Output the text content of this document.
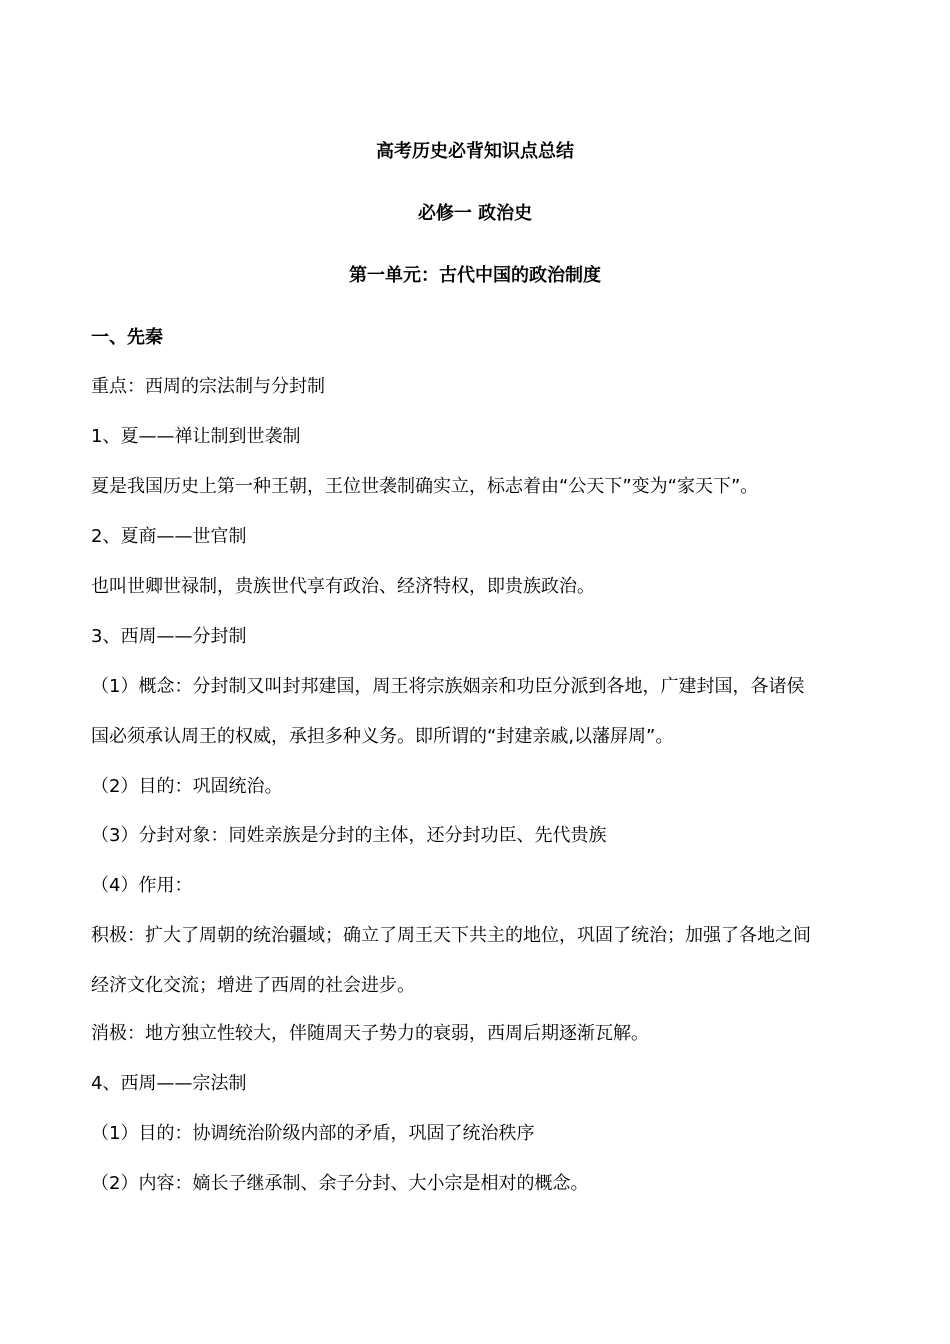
高考历史必背知识点总结
必修一 政治史
第一单元：古代中国的政治制度
一、先秦
重点：西周的宗法制与分封制
1、夏——禅让制到世袭制
夏是我国历史上第一种王朝，王位世袭制确实立，标志着由“公天下”变为“家天下”。
2、夏商——世官制
也叫世卿世禄制，贵族世代享有政治、经济特权，即贵族政治。
3、西周——分封制
（1）概念：分封制又叫封邦建国，周王将宗族姻亲和功臣分派到各地，广建封国，各诸侯
国必须承认周王的权威，承担多种义务。即所谓的“封建亲戚,以藩屏周”。
（2）目的：巩固统治。
（3）分封对象：同姓亲族是分封的主体，还分封功臣、先代贵族
（4）作用：
积极：扩大了周朝的统治疆域；确立了周王天下共主的地位，巩固了统治；加强了各地之间
经济文化交流；增进了西周的社会进步。
消极：地方独立性较大，伴随周天子势力的衰弱，西周后期逐渐瓦解。
4、西周——宗法制
（1）目的：协调统治阶级内部的矛盾，巩固了统治秩序
（2）内容：嫡长子继承制、余子分封、大小宗是相对的概念。
